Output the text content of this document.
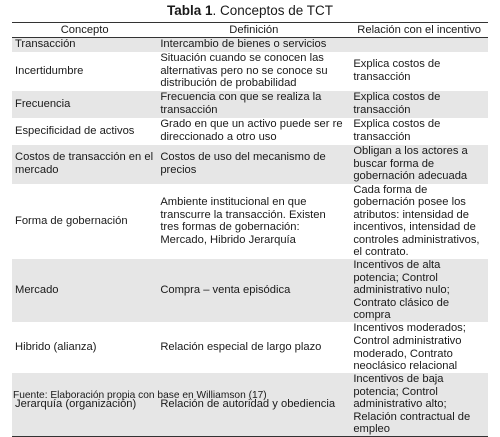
Tabla 1. Conceptos de TCT
Concepto	Definición	Relación con el incentivo
Transacción	Intercambio de bienes o servicios	
Incertidumbre	Situación cuando se conocen las alternativas pero no se conoce su distribución de probabilidad	Explica costos de transacción
Frecuencia	Frecuencia con que se realiza la transacción	Explica costos de transacción
Especificidad de activos	Grado en que un activo puede ser re direccionado a otro uso	Explica costos de transacción
Costos de transacción en el mercado	Costos de uso del mecanismo de precios	Obligan a los actores a buscar forma de gobernación adecuada
Forma de gobernación	Ambiente institucional en que transcurre la transacción. Existen tres formas de gobernación: Mercado, Hibrido Jerarquía	Cada forma de gobernación posee los atributos: intensidad de incentivos, intensidad de controles administrativos, el contrato.
Mercado	Compra – venta episódica	Incentivos de alta potencia; Control administrativo nulo; Contrato clásico de compra
Hibrido (alianza)	Relación especial de largo plazo	Incentivos moderados; Control administrativo moderado, Contrato neoclásico relacional
Jerarquía (organización)	Relación de autoridad y obediencia	Incentivos de baja potencia; Control administrativo alto; Relación contractual de empleo
Fuente: Elaboración propia con base en Williamson (17)
